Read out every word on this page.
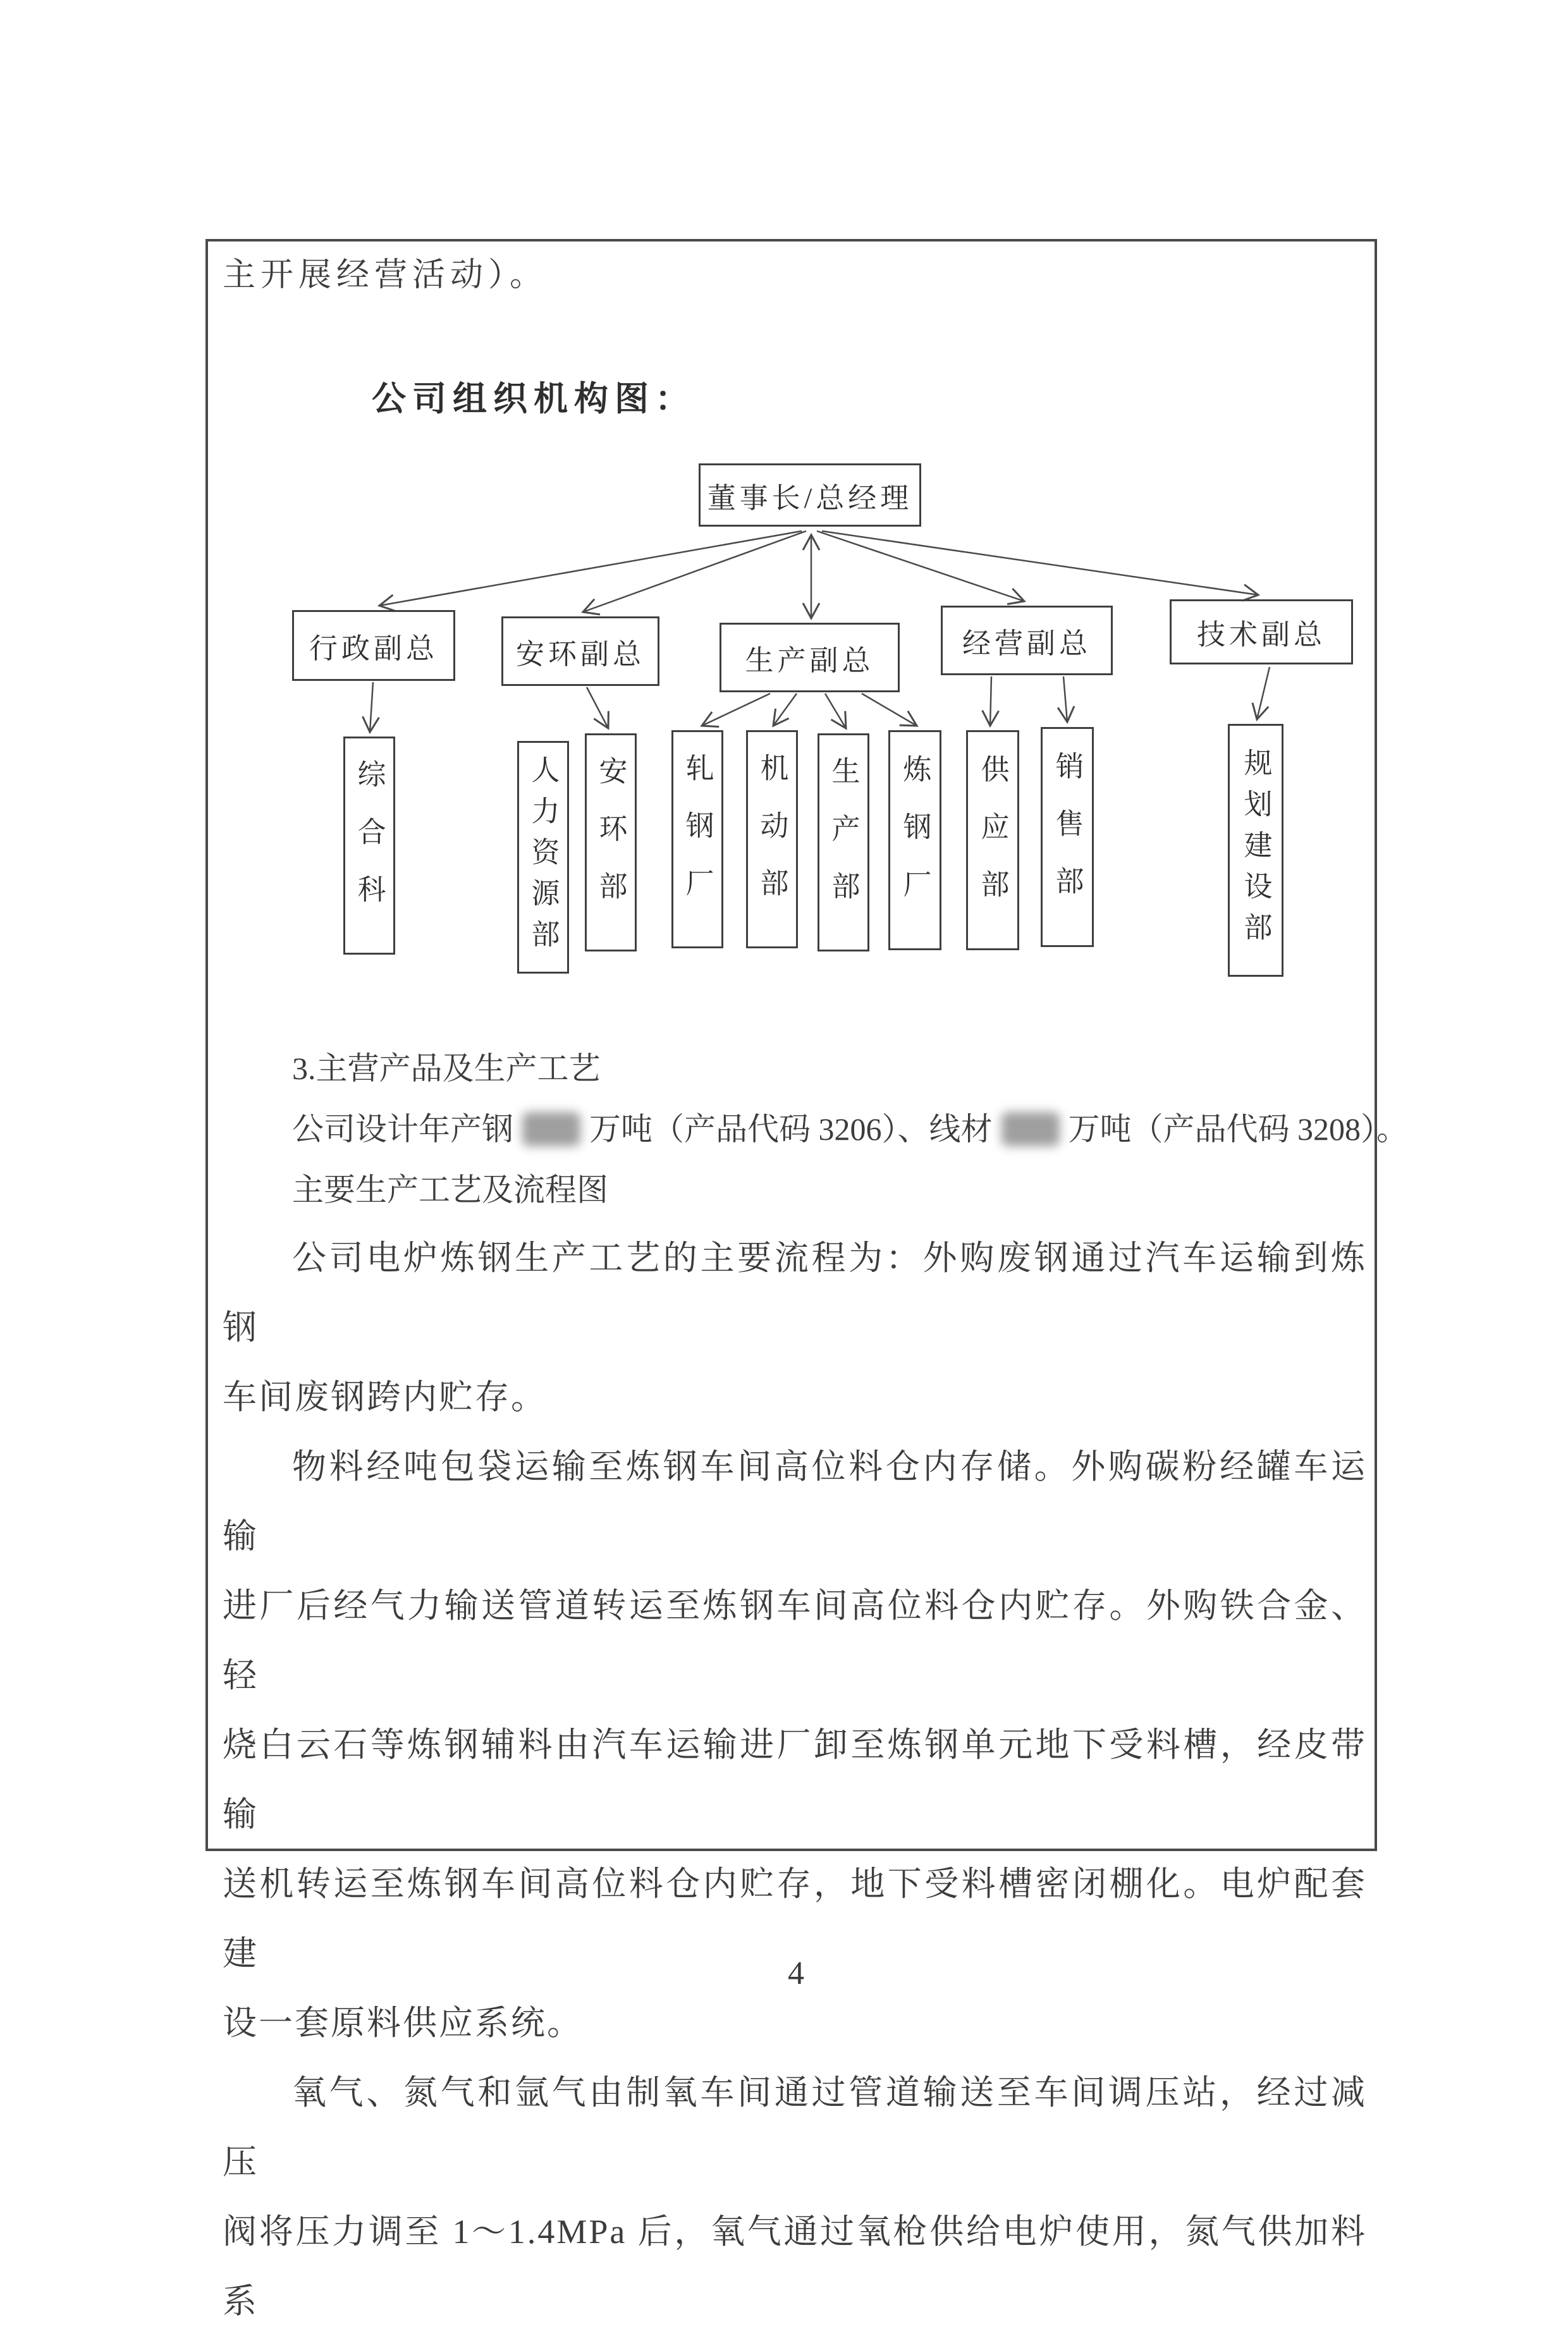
主开展经营活动）。
公司组织机构图：
董事长/总经理
行政副总	安环副总	生产副总
经营副总	技术副总
综合科	人力资源部	安环部	轧钢厂	机动部	生产部	炼钢厂	供应部	销售部	规划建设部
3.主营产品及生产工艺
公司设计年产钢 万吨（产品代码 3206）、线材 万吨（产品代码 3208）。
主要生产工艺及流程图
公司电炉炼钢生产工艺的主要流程为：外购废钢通过汽车运输到炼钢
车间废钢跨内贮存。
物料经吨包袋运输至炼钢车间高位料仓内存储。外购碳粉经罐车运输
进厂后经气力输送管道转运至炼钢车间高位料仓内贮存。外购铁合金、轻
烧白云石等炼钢辅料由汽车运输进厂卸至炼钢单元地下受料槽，经皮带输
送机转运至炼钢车间高位料仓内贮存，地下受料槽密闭棚化。电炉配套建
设一套原料供应系统。
氧气、氮气和氩气由制氧车间通过管道输送至车间调压站，经过减压
阀将压力调至 1～1.4MPa 后，氧气通过氧枪供给电炉使用，氮气供加料系
4
